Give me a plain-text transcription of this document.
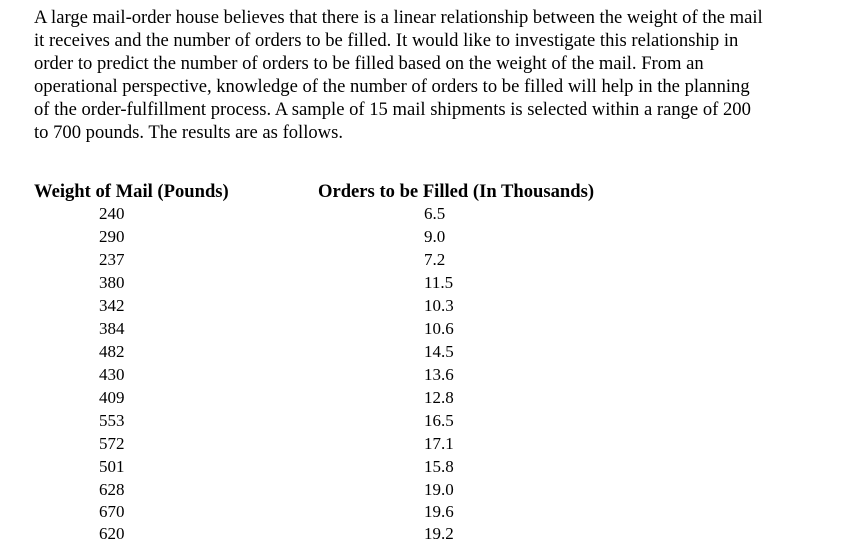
A large mail-order house believes that there is a linear relationship between the weight of the mail
it receives and the number of orders to be filled. It would like to investigate this relationship in
order to predict the number of orders to be filled based on the weight of the mail. From an
operational perspective, knowledge of the number of orders to be filled will help in the planning
of the order-fulfillment process. A sample of 15 mail shipments is selected within a range of 200
to 700 pounds. The results are as follows.
Weight of Mail (Pounds)	Orders to be Filled (In Thousands)
240	6.5
290	9.0
237	7.2
380	11.5
342	10.3
384	10.6
482	14.5
430	13.6
409	12.8
553	16.5
572	17.1
501	15.8
628	19.0
670	19.6
620	19.2
